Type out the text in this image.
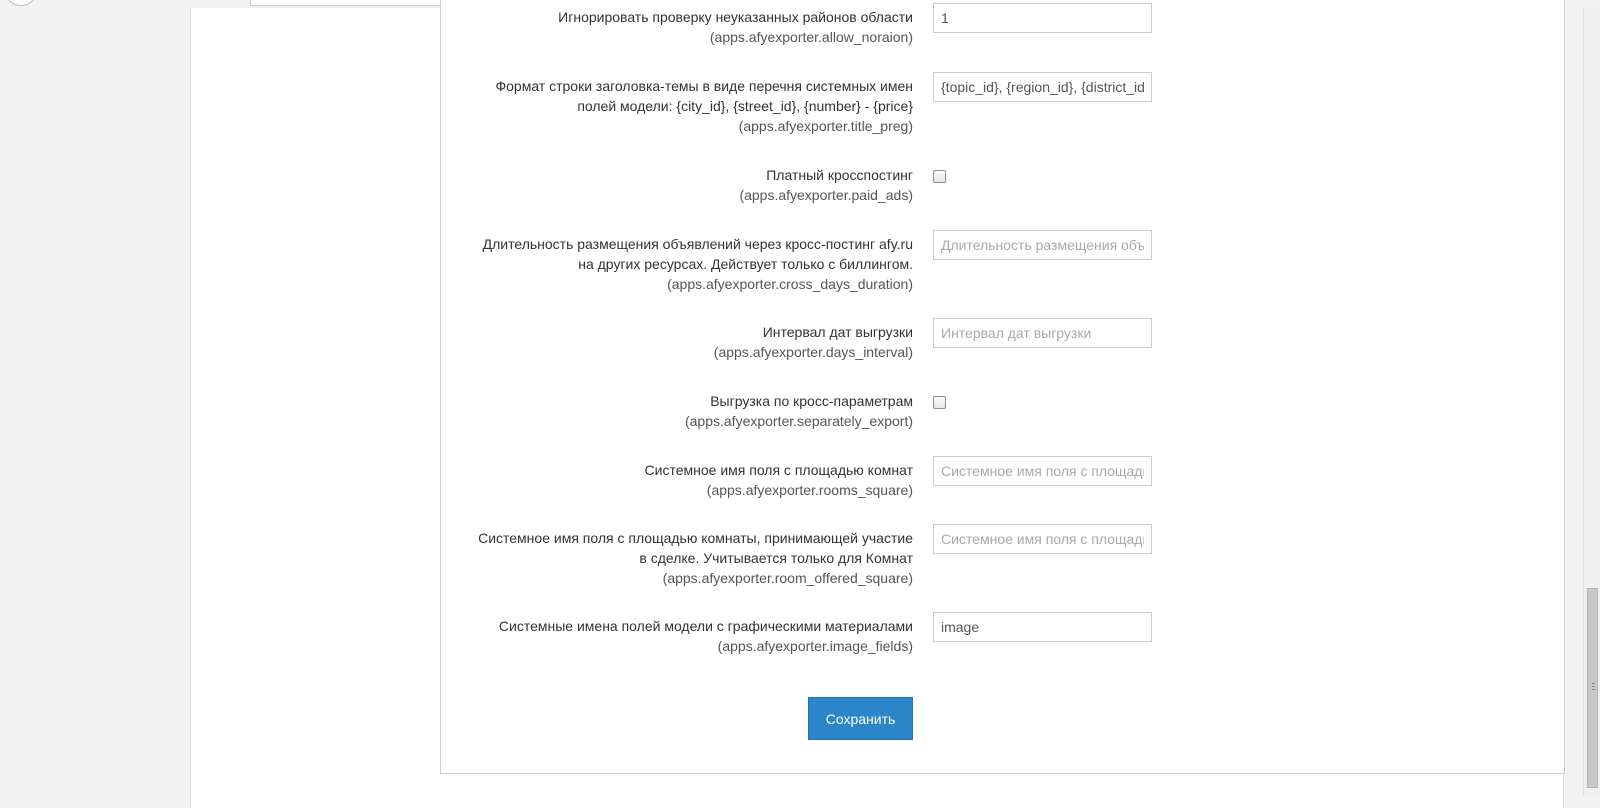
Игнорировать проверку неуказанных районов области
(apps.afyexporter.allow_noraion)
1
Формат строки заголовка-темы в виде перечня системных имен
полей модели: {city_id}, {street_id}, {number} - {price}
(apps.afyexporter.title_preg)
{topic_id}, {region_id}, {district_id}
Платный кросспостинг
(apps.afyexporter.paid_ads)
Длительность размещения объявлений через кросс-постинг afy.ru
на других ресурсах. Действует только с биллингом.
(apps.afyexporter.cross_days_duration)
Длительность размещения объявлений через кросс-постинг afy.ru на других ресурсах. Действует только с биллингом.
Интервал дат выгрузки
(apps.afyexporter.days_interval)
Интервал дат выгрузки
Выгрузка по кросс-параметрам
(apps.afyexporter.separately_export)
Системное имя поля с площадью комнат
(apps.afyexporter.rooms_square)
Системное имя поля с площадью комнат
Системное имя поля с площадью комнаты, принимающей участие
в сделке. Учитывается только для Комнат
(apps.afyexporter.room_offered_square)
Системное имя поля с площадью комнаты, принимающей участие в сделке. Учитывается только для Комнат
Системные имена полей модели с графическими материалами
(apps.afyexporter.image_fields)
image
Сохранить
